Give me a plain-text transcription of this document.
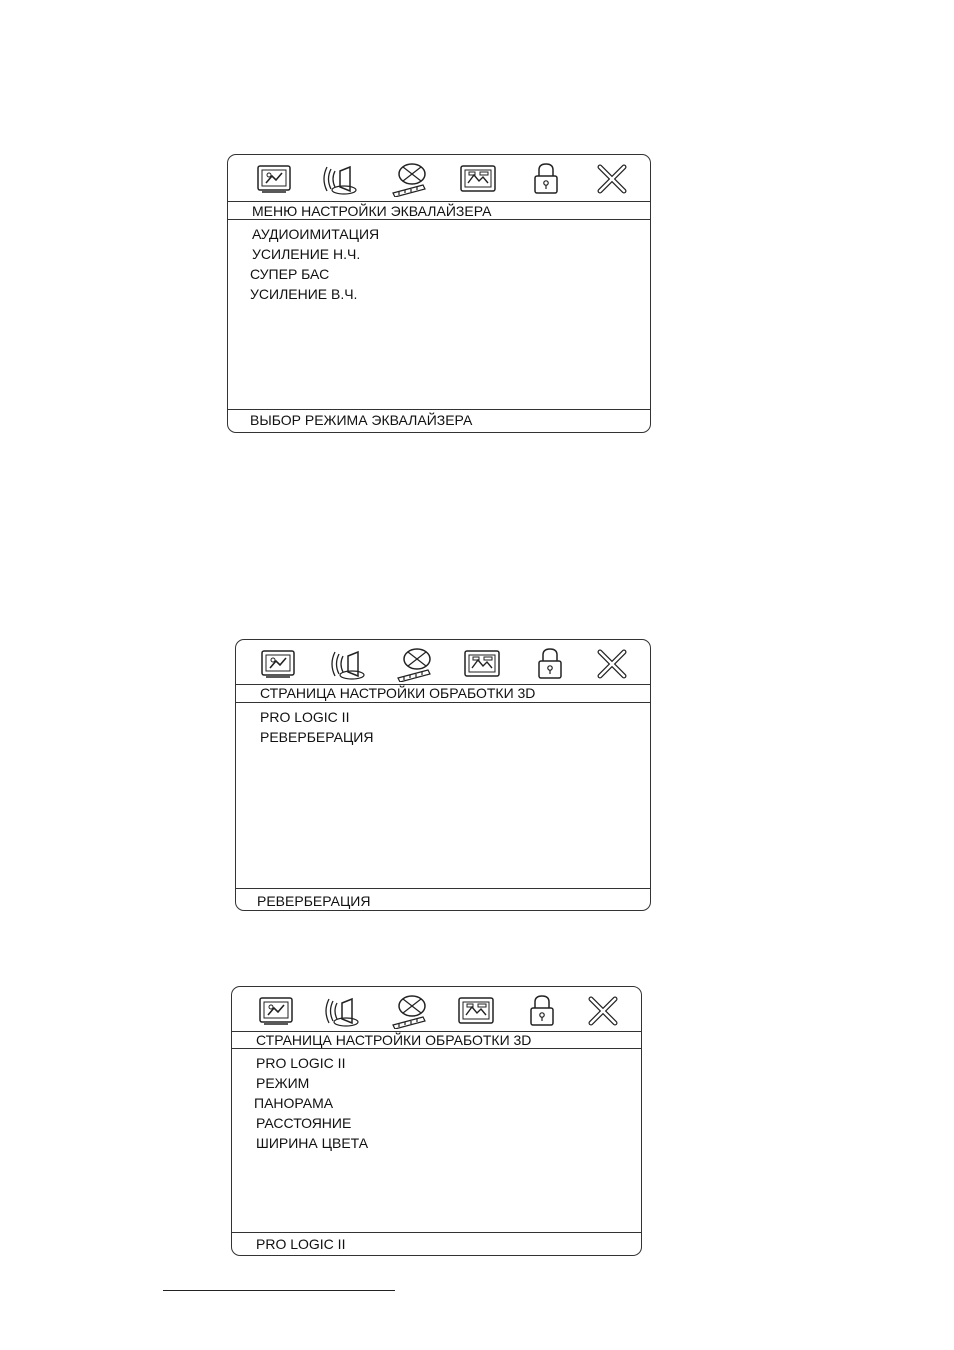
МЕНЮ НАСТРОЙКИ ЭКВАЛАЙЗЕРА
АУДИОИМИТАЦИЯ
УСИЛЕНИЕ Н.Ч.
СУПЕР БАС
УСИЛЕНИЕ В.Ч.
ВЫБОР РЕЖИМА ЭКВАЛАЙЗЕРА
СТРАНИЦА НАСТРОЙКИ ОБРАБОТКИ 3D
PRO LOGIC II
РЕВЕРБЕРАЦИЯ
РЕВЕРБЕРАЦИЯ
СТРАНИЦА НАСТРОЙКИ ОБРАБОТКИ 3D
PRO LOGIC II
РЕЖИМ
ПАНОРАМА
РАССТОЯНИЕ
ШИРИНА ЦВЕТА
PRO LOGIC II
